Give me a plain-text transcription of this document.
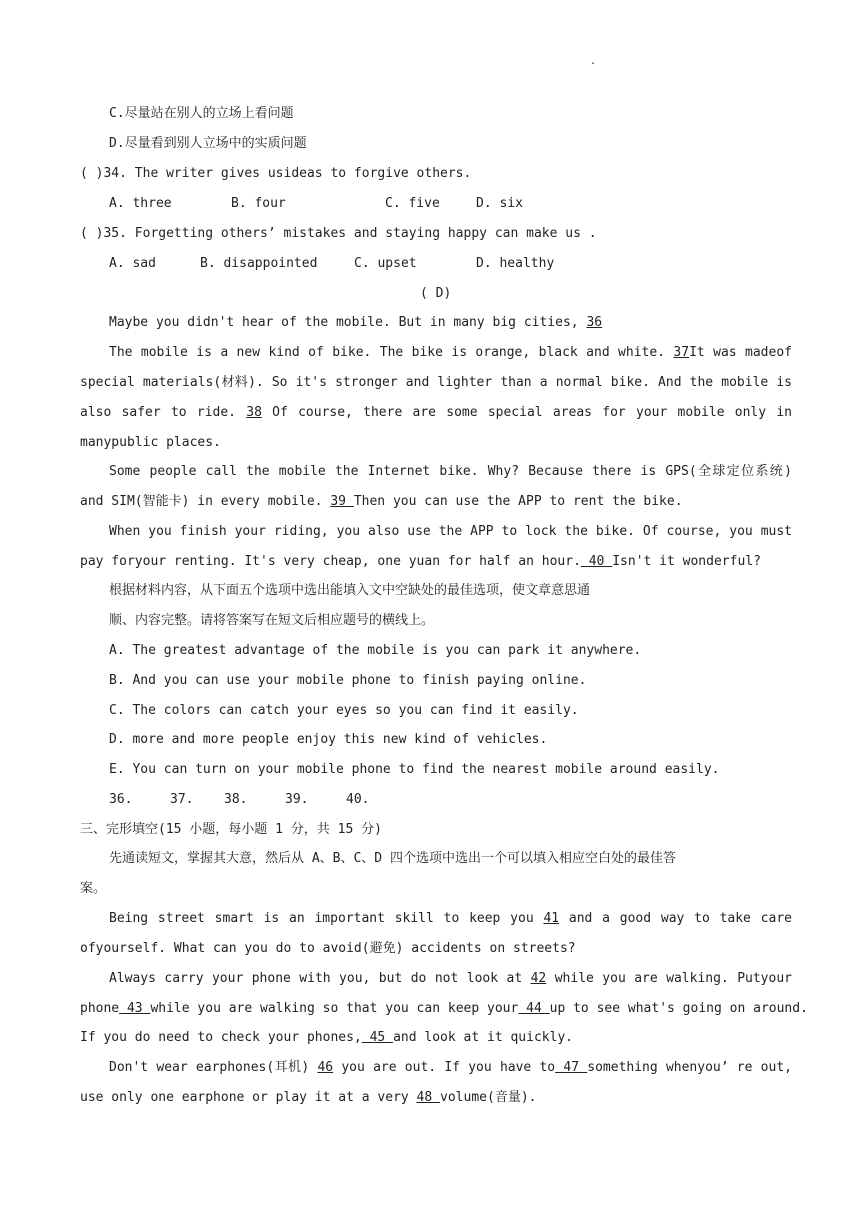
.
C.尽量站在别人的立场上看问题
D.尽量看到别人立场中的实质问题
( )34. The writer gives usideas to forgive others.
A. three	B. four	C. five	D. six
( )35. Forgetting others’ mistakes and staying happy can make us .
A. sad	B. disappointed	C. upset	D. healthy
( D)
Maybe you didn't hear of the mobile. But in many big cities, 36
The mobile is a new kind of bike. The bike is orange, black and white. 37It was madeof
special materials(材料). So it's stronger and lighter than a normal bike. And the mobile is
also safer to ride. 38 Of course, there are some special areas for your mobile only in
manypublic places.
Some people call the mobile the Internet bike. Why? Because there is GPS(全球定位系统)
and SIM(智能卡) in every mobile. 39 Then you can use the APP to rent the bike.
When you finish your riding, you also use the APP to lock the bike. Of course, you must
pay foryour renting. It's very cheap, one yuan for half an hour. 40 Isn't it wonderful?
根据材料内容，从下面五个选项中选出能填入文中空缺处的最佳选项，使文章意思通
顺、内容完整。请将答案写在短文后相应题号的横线上。
A. The greatest advantage of the mobile is you can park it anywhere.
B. And you can use your mobile phone to finish paying online.
C. The colors can catch your eyes so you can find it easily.
D. more and more people enjoy this new kind of vehicles.
E. You can turn on your mobile phone to find the nearest mobile around easily.
36.	37. 38.	39.	40.
三、完形填空(15 小题，每小题 1 分，共 15 分)
先通读短文，掌握其大意，然后从 A、B、C、D 四个选项中选出一个可以填入相应空白处的最佳答
案。
Being street smart is an important skill to keep you 41 and a good way to take care
ofyourself. What can you do to avoid(避免) accidents on streets?
Always carry your phone with you, but do not look at 42 while you are walking. Putyour
phone 43 while you are walking so that you can keep your 44 up to see what's going on around.
If you do need to check your phones, 45 and look at it quickly.
Don't wear earphones(耳机) 46 you are out. If you have to 47 something whenyou’ re out,
use only one earphone or play it at a very 48 volume(音量).
